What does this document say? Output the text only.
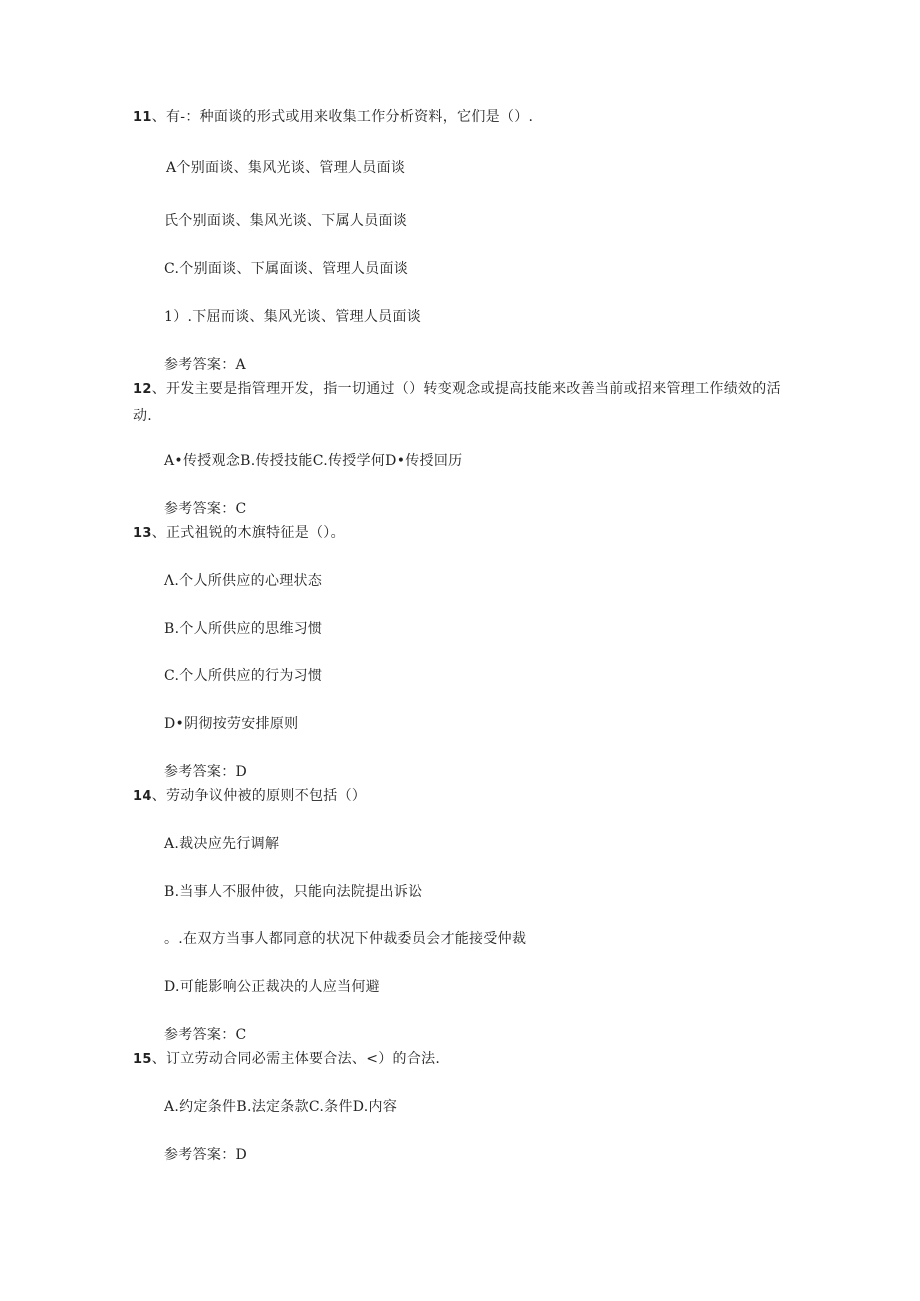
11、有-：种面谈的形式或用来收集工作分析资料，它们是（）.
A个别面谈、集风光谈、管理人员面谈
氏个别面谈、集风光谈、下属人员面谈
C.个别面谈、下属面谈、管理人员面谈
1）.下屈而谈、集风光谈、管理人员面谈
参考答案：A
12、开发主要是指管理开发，指一切通过（）转变观念或提高技能来改善当前或招来管理工作绩效的活动.
A•传授观念B.传授技能C.传授学何D•传授回历
参考答案：C
13、正式祖锐的木旗特征是（）。
Λ.个人所供应的心理状态
B.个人所供应的思维习惯
C.个人所供应的行为习惯
D•阴彻按劳安排原则
参考答案：D
14、劳动争议仲被的原则不包括（）
A.裁决应先行调解
B.当事人不服仲彼，只能向法院提出诉讼
。.在双方当事人都同意的状况下仲裁委员会才能接受仲裁
D.可能影响公正裁决的人应当何避
参考答案：C
15、订立劳动合同必需主体要合法、<）的合法.
A.约定条件B.法定条款C.条件D.内容
参考答案：D
